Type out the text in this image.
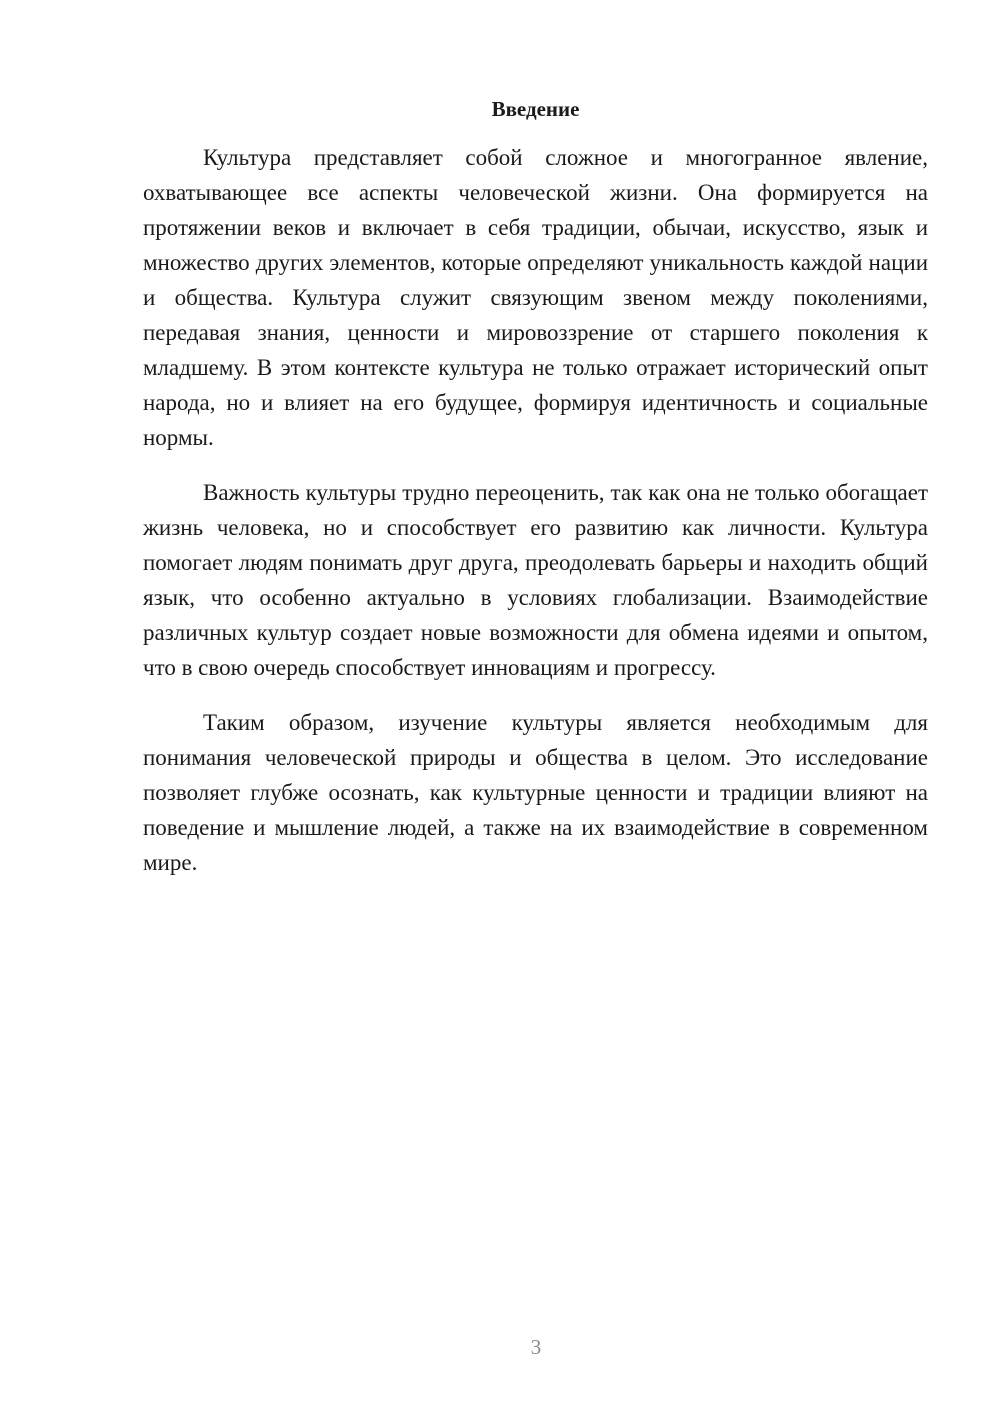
Введение

Культура представляет собой сложное и многогранное явление, охватывающее все аспекты человеческой жизни. Она формируется на протяжении веков и включает в себя традиции, обычаи, искусство, язык и множество других элементов, которые определяют уникальность каждой нации и общества. Культура служит связующим звеном между поколениями, передавая знания, ценности и мировоззрение от старшего поколения к младшему. В этом контексте культура не только отражает исторический опыт народа, но и влияет на его будущее, формируя идентичность и социальные нормы.

Важность культуры трудно переоценить, так как она не только обогащает жизнь человека, но и способствует его развитию как личности. Культура помогает людям понимать друг друга, преодолевать барьеры и находить общий язык, что особенно актуально в условиях глобализации. Взаимодействие различных культур создает новые возможности для обмена идеями и опытом, что в свою очередь способствует инновациям и прогрессу.

Таким образом, изучение культуры является необходимым для понимания человеческой природы и общества в целом. Это исследование позволяет глубже осознать, как культурные ценности и традиции влияют на поведение и мышление людей, а также на их взаимодействие в современном мире.

3
